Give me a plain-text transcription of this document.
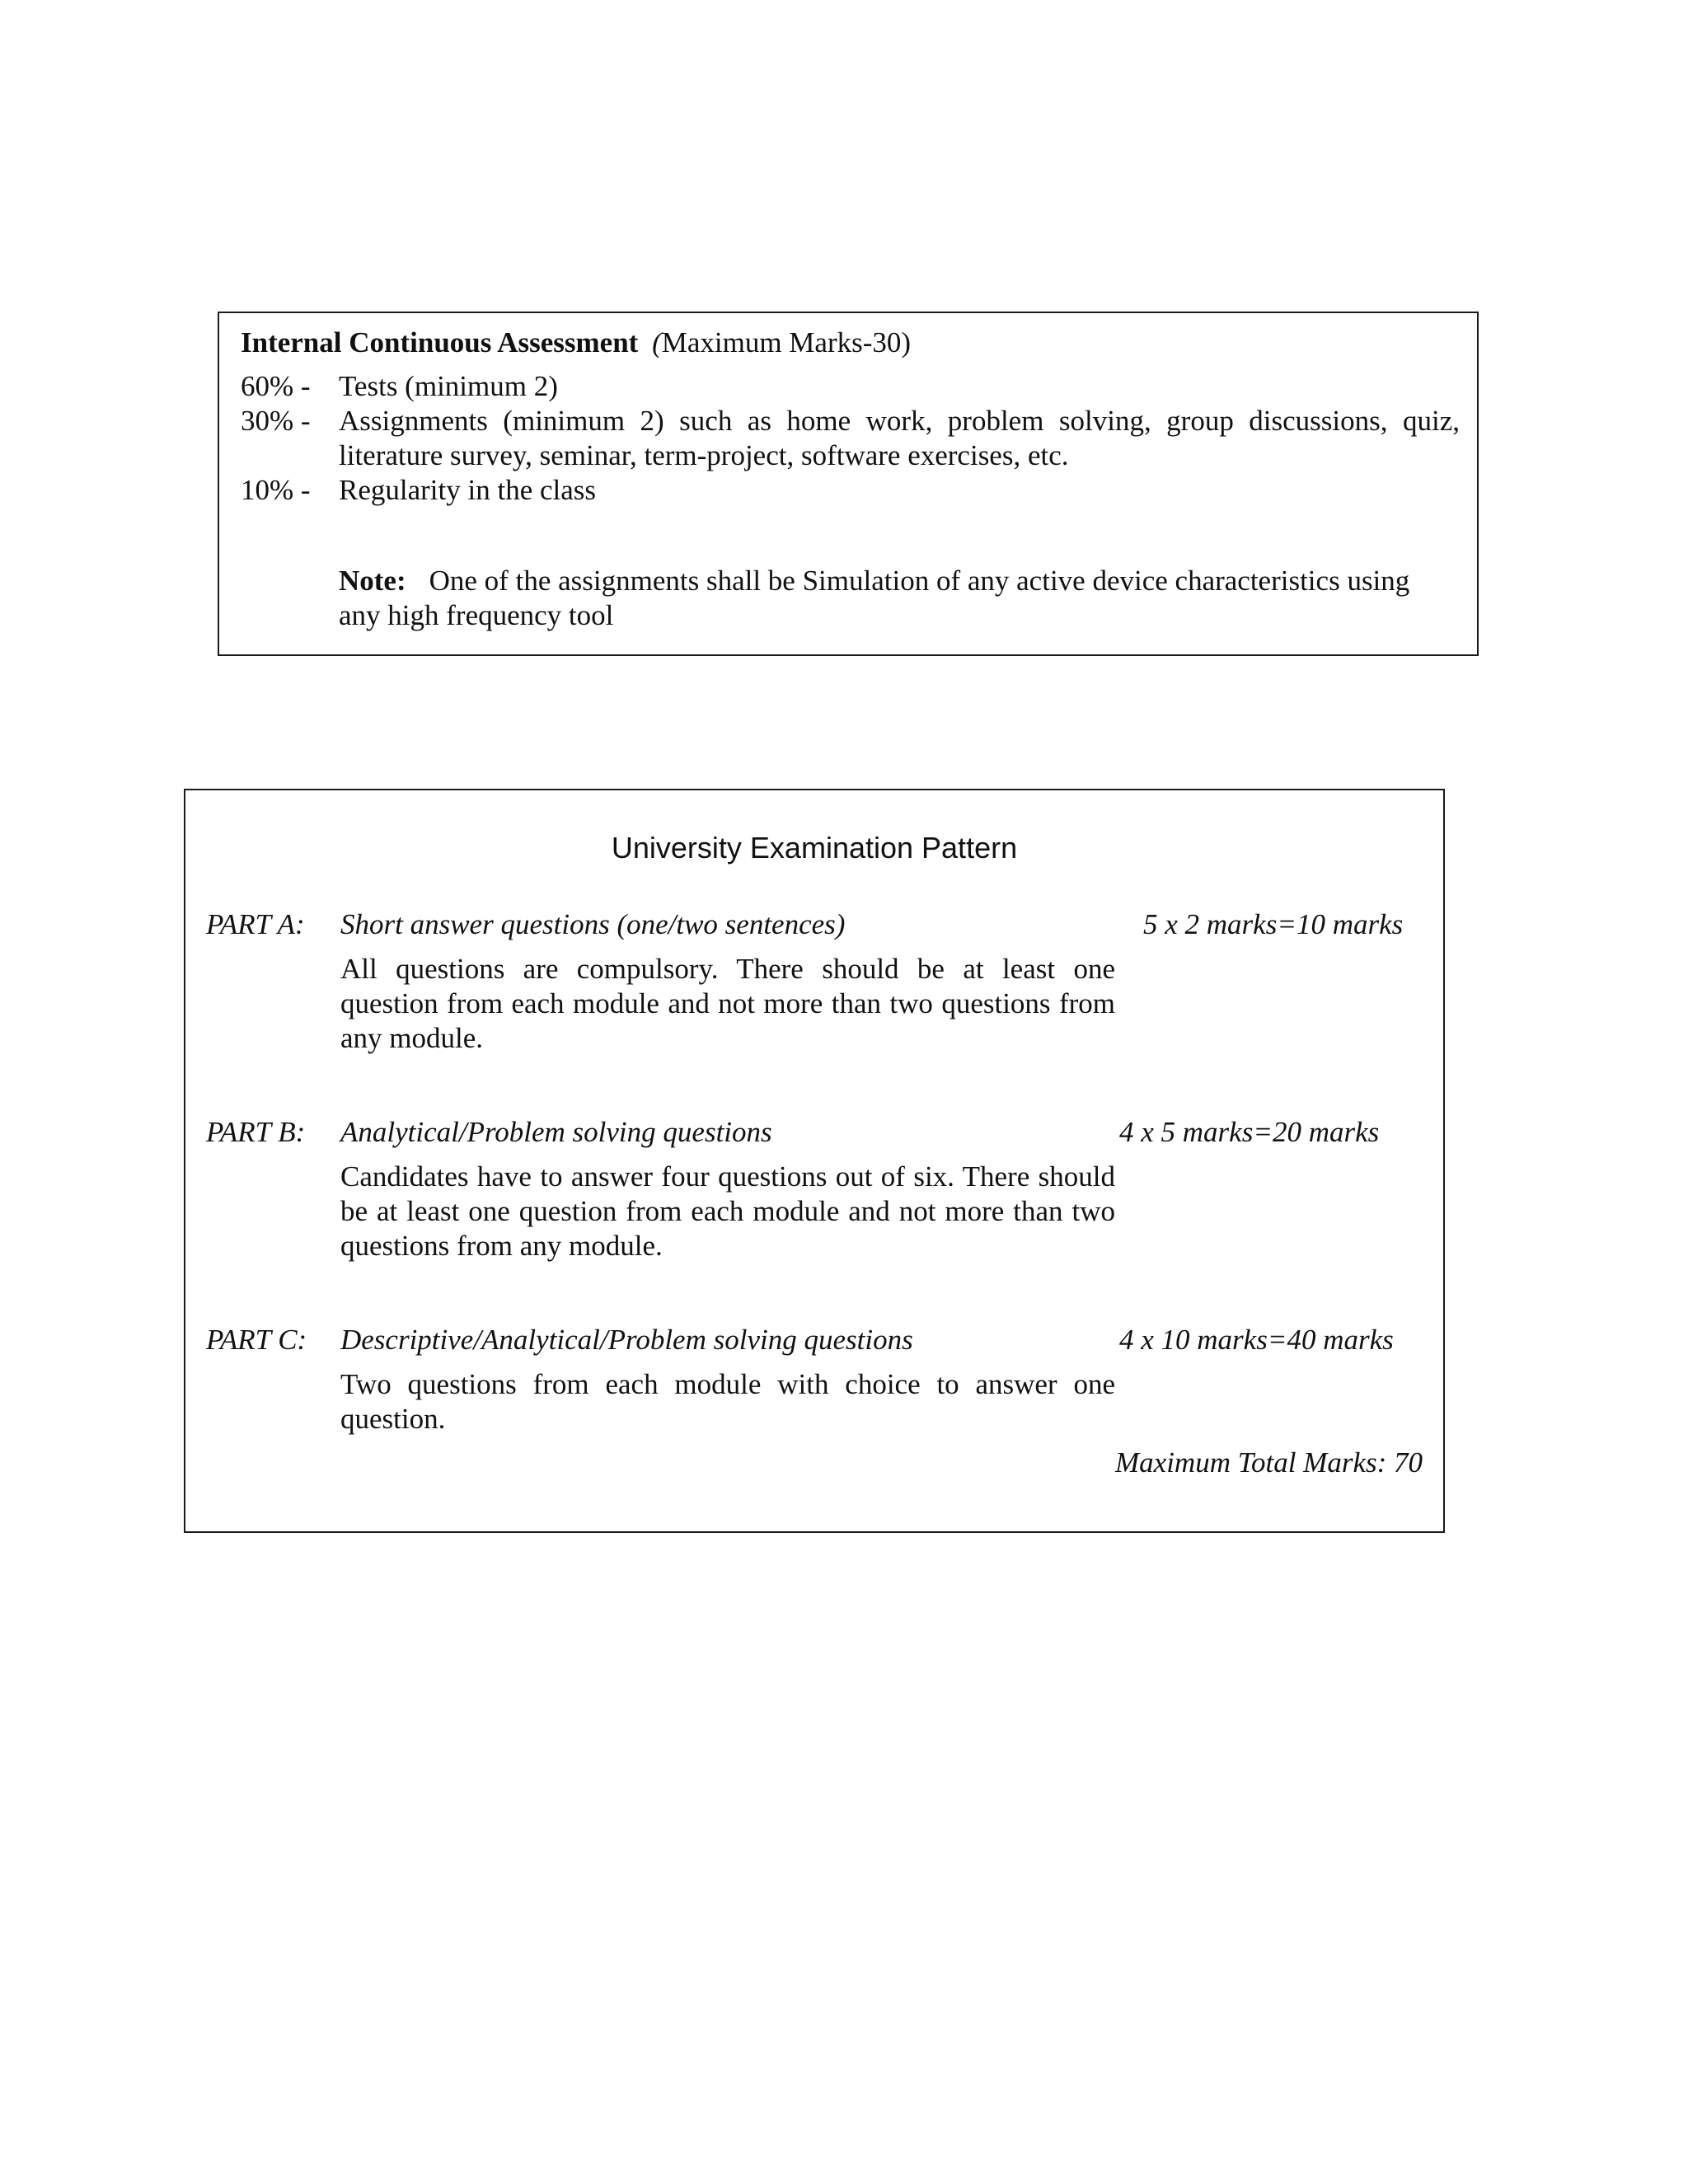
Internal Continuous Assessment (Maximum Marks-30)
60% - Tests (minimum 2)
30% - Assignments (minimum 2) such as home work, problem solving, group discussions, quiz, literature survey, seminar, term-project, software exercises, etc.
10% - Regularity in the class
Note: One of the assignments shall be Simulation of any active device characteristics using any high frequency tool
University Examination Pattern
PART A: Short answer questions (one/two sentences)	5 x 2 marks=10 marks
All questions are compulsory. There should be at least one question from each module and not more than two questions from any module.
PART B: Analytical/Problem solving questions	4 x 5 marks=20 marks
Candidates have to answer four questions out of six. There should be at least one question from each module and not more than two questions from any module.
PART C: Descriptive/Analytical/Problem solving questions	4 x 10 marks=40 marks
Two questions from each module with choice to answer one question.
Maximum Total Marks: 70
